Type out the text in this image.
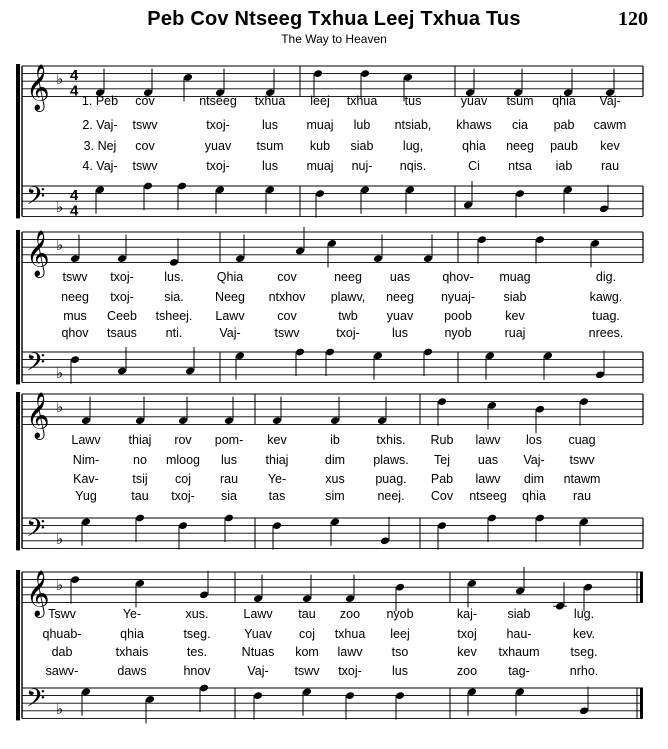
Peb Cov Ntseeg Txhua Leej Txhua Tus	120
The Way to Heaven
𝄞 ♭ 4
4
𝄢 ♭
4
4
1. Peb cov	ntseeg txhua leej txhua tus	yuav tsum qhia Vaj-
2. Vaj- tswv	txoj-	lus muaj lub ntsiab, khaws cia pab cawm
3. Nej cov	yuav tsum kub siab lug,	qhia neeg paub kev
4. Vaj- tswv	txoj-	lus muaj nuj- nqis.	Ci ntsa iab rau
𝄞 ♭
𝄢 ♭
tswv txoj- lus.	Qhia	cov	neeg uas	qhov- muag	dig.
neeg txoj- sia.	Neeg ntxhov plawv, neeg nyuaj- siab	kawg.
mus Ceeb tsheej. Lawv	cov	twb yuav poob	kev	tuag.
qhov tsaus nti.	Vaj-	tswv	txoj-	lus	nyob	ruaj	nrees.
𝄞 ♭
𝄢 ♭
Lawv thiaj rov pom- kev	ib	txhis. Rub lawv los cuag
Nim-	no mloog lus thiaj	dim plaws. Tej uas Vaj- tswv
Kav-	tsij coj rau Ye-	xus puag. Pab lawv dim ntawm
Yug	tau txoj- sia	tas	sim	neej. Cov ntseeg qhia rau
𝄞 ♭
𝄢 ♭
Tswv	Ye-	xus.	Lawv tau zoo nyob	kaj- siab	lug.
qhuab-	qhia	tseg.	Yuav coj txhua leej	txoj hau-	kev.
dab	txhais	tes.	Ntuas kom lawv tso	kev txhaum tseg.
sawv-	daws	hnov	Vaj- tswv txoj- lus	zoo tag-	nrho.
